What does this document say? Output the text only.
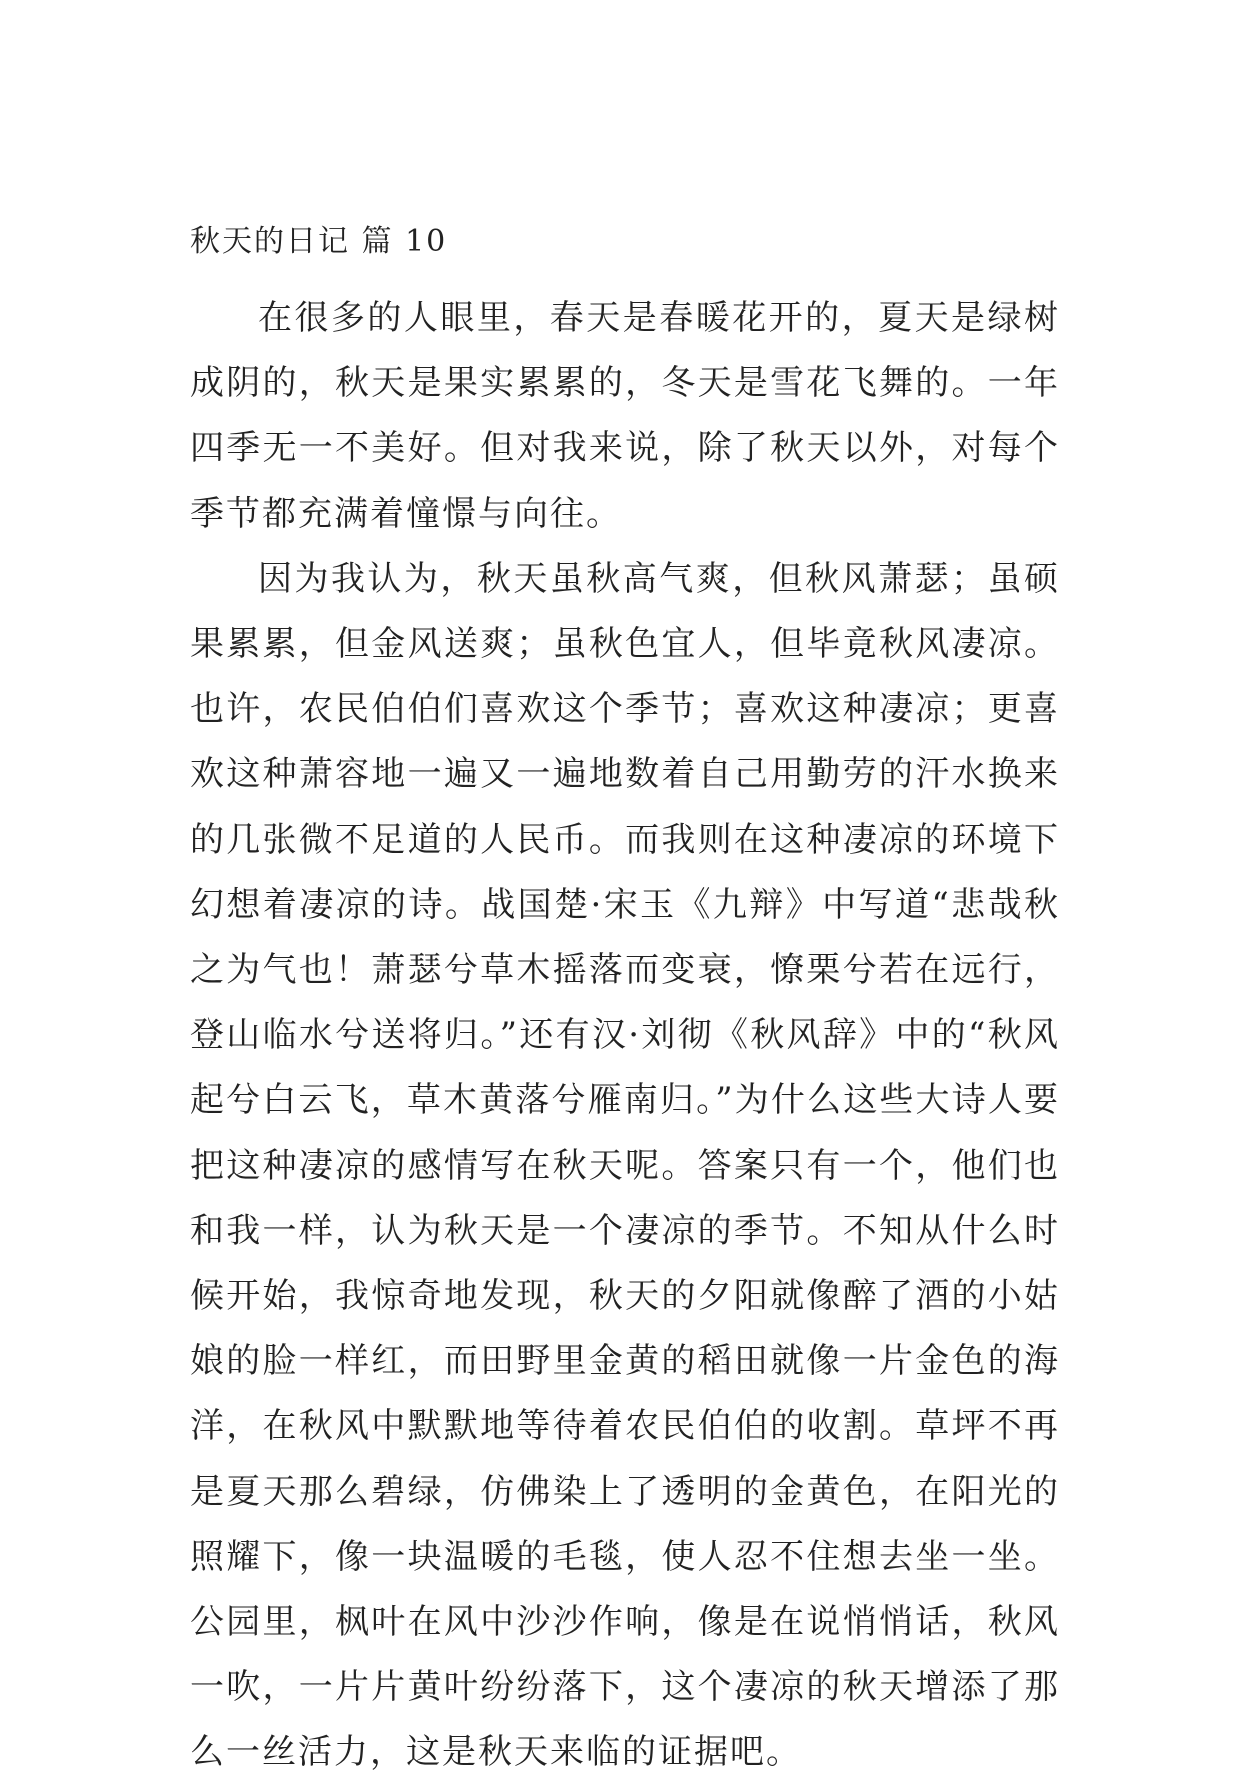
秋天的日记 篇 10

在很多的人眼里，春天是春暖花开的，夏天是绿树成阴的，秋天是果实累累的，冬天是雪花飞舞的。一年四季无一不美好。但对我来说，除了秋天以外，对每个季节都充满着憧憬与向往。

因为我认为，秋天虽秋高气爽，但秋风萧瑟；虽硕果累累，但金风送爽；虽秋色宜人，但毕竟秋风凄凉。也许，农民伯伯们喜欢这个季节；喜欢这种凄凉；更喜欢这种萧容地一遍又一遍地数着自己用勤劳的汗水换来的几张微不足道的人民币。而我则在这种凄凉的环境下幻想着凄凉的诗。战国楚·宋玉《九辩》中写道“悲哉秋之为气也！萧瑟兮草木摇落而变衰，憭栗兮若在远行，登山临水兮送将归。”还有汉·刘彻《秋风辞》中的“秋风起兮白云飞，草木黄落兮雁南归。”为什么这些大诗人要把这种凄凉的感情写在秋天呢。答案只有一个，他们也和我一样，认为秋天是一个凄凉的季节。不知从什么时候开始，我惊奇地发现，秋天的夕阳就像醉了酒的小姑娘的脸一样红，而田野里金黄的稻田就像一片金色的海洋，在秋风中默默地等待着农民伯伯的收割。草坪不再是夏天那么碧绿，仿佛染上了透明的金黄色，在阳光的照耀下，像一块温暖的毛毯，使人忍不住想去坐一坐。公园里，枫叶在风中沙沙作响，像是在说悄悄话，秋风一吹，一片片黄叶纷纷落下，这个凄凉的秋天增添了那么一丝活力，这是秋天来临的证据吧。
